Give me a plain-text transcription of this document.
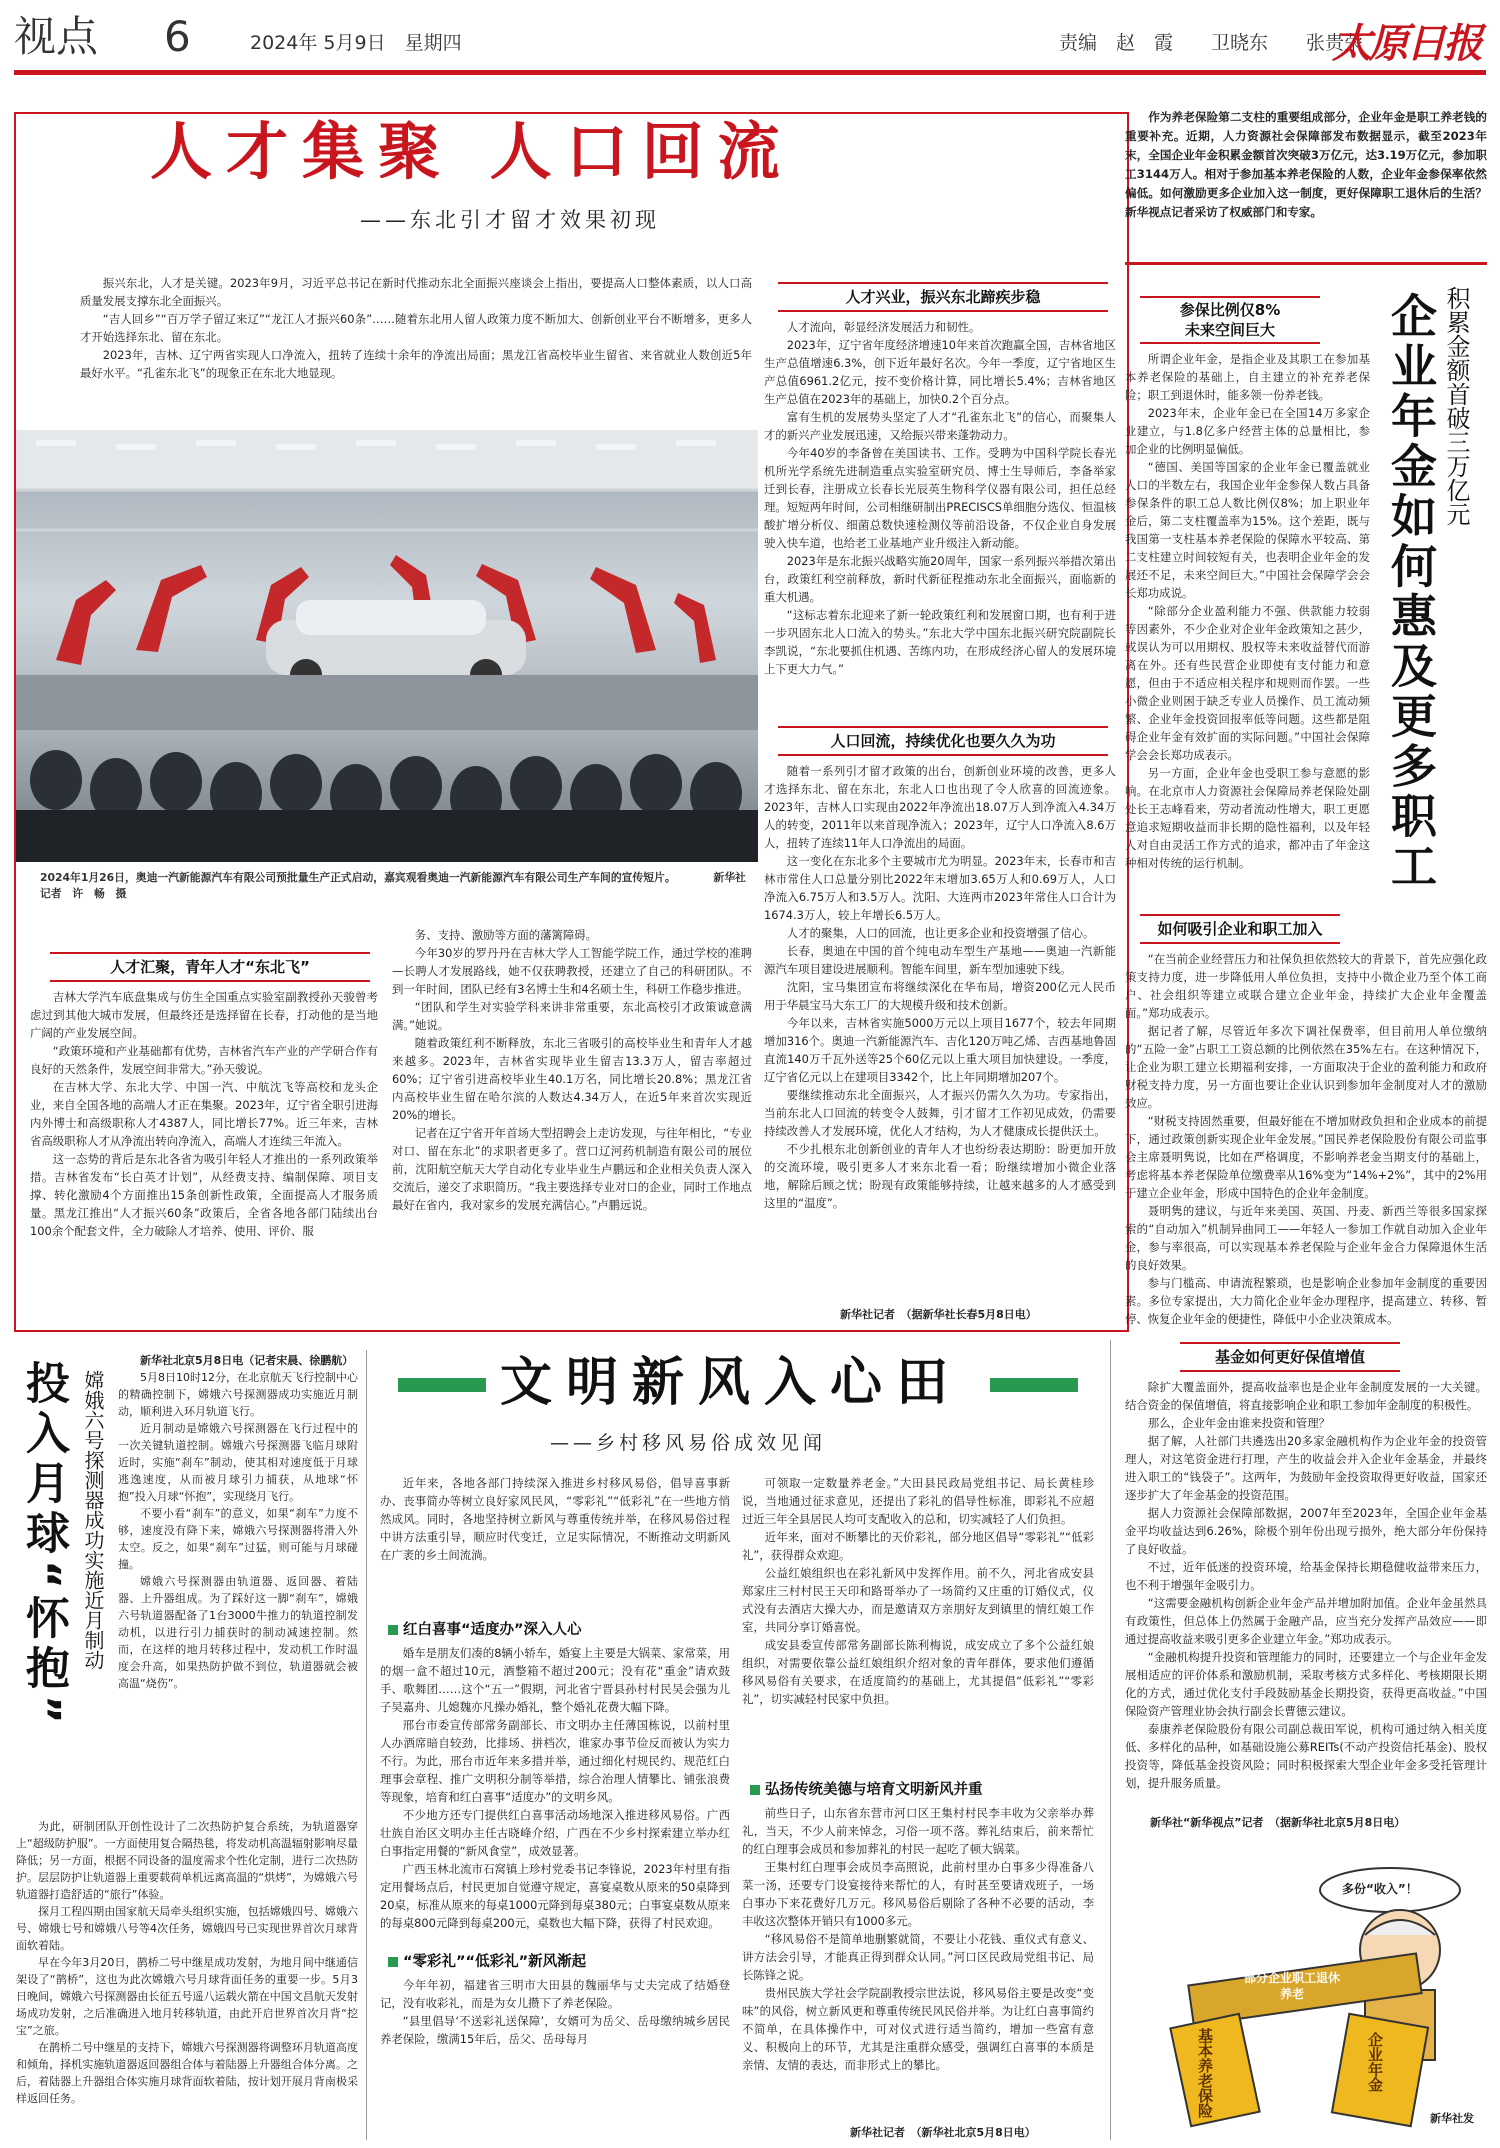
视点 6	2024年 5月9日　星期四	责编　赵　霞　　卫晓东　　张贵荣
太原日报
人才集聚 人口回流
——东北引才留才效果初现

振兴东北，人才是关键。2023年9月，习近平总书记在新时代推动东北全面振兴座谈会上指出，要提高人口整体素质，以人口高质量发展支撑东北全面振兴。

“吉人回乡”“百万学子留辽来辽”“龙江人才振兴60条”……随着东北用人留人政策力度不断加大、创新创业平台不断增多，更多人才开始选择东北、留在东北。

2023年，吉林、辽宁两省实现人口净流入，扭转了连续十余年的净流出局面；黑龙江省高校毕业生留省、来省就业人数创近5年最好水平。“孔雀东北飞”的现象正在东北大地显现。

2024年1月26日，奥迪一汽新能源汽车有限公司预批量生产正式启动，嘉宾观看奥迪一汽新能源汽车有限公司生产车间的宣传短片。　　　　新华社记者　许　畅　摄
人才兴业，振兴东北蹄疾步稳

人才流向，彰显经济发展活力和韧性。

2023年，辽宁省年度经济增速10年来首次跑赢全国，吉林省地区生产总值增速6.3%，创下近年最好名次。今年一季度，辽宁省地区生产总值6961.2亿元，按不变价格计算，同比增长5.4%；吉林省地区生产总值在2023年的基础上，加快0.2个百分点。

富有生机的发展势头坚定了人才“孔雀东北飞”的信心，而聚集人才的新兴产业发展迅速，又给振兴带来蓬勃动力。

今年40岁的李备曾在美国读书、工作。受聘为中国科学院长春光机所光学系统先进制造重点实验室研究员、博士生导师后，李备举家迁到长春，注册成立长春长光辰英生物科学仪器有限公司，担任总经理。短短两年时间，公司相继研制出PRECISCS单细胞分选仪、恒温核酸扩增分析仪、细菌总数快速检测仪等前沿设备，不仅企业自身发展驶入快车道，也给老工业基地产业升级注入新动能。

2023年是东北振兴战略实施20周年，国家一系列振兴举措次第出台，政策红利空前释放，新时代新征程推动东北全面振兴，面临新的重大机遇。

“这标志着东北迎来了新一轮政策红利和发展窗口期，也有利于进一步巩固东北人口流入的势头。”东北大学中国东北振兴研究院副院长李凯说，“东北要抓住机遇、苦练内功，在形成经济心留人的发展环境上下更大力气。”

人口回流，持续优化也要久久为功

随着一系列引才留才政策的出台，创新创业环境的改善，更多人才选择东北、留在东北，东北人口也出现了令人欣喜的回流迹象。2023年，吉林人口实现由2022年净流出18.07万人到净流入4.34万人的转变，2011年以来首现净流入；2023年，辽宁人口净流入8.6万人，扭转了连续11年人口净流出的局面。

这一变化在东北多个主要城市尤为明显。2023年末，长春市和吉林市常住人口总量分别比2022年末增加3.65万人和0.69万人，人口净流入6.75万人和3.5万人。沈阳、大连两市2023年常住人口合计为1674.3万人，较上年增长6.5万人。

人才的聚集，人口的回流，也让更多企业和投资增强了信心。

长春，奥迪在中国的首个纯电动车型生产基地——奥迪一汽新能源汽车项目建设进展顺利。智能车间里，新车型加速驶下线。

沈阳，宝马集团宣布将继续深化在华布局，增资200亿元人民币用于华晨宝马大东工厂的大规模升级和技术创新。

今年以来，吉林省实施5000万元以上项目1677个，较去年同期增加316个。奥迪一汽新能源汽车、吉化120万吨乙烯、吉西基地鲁固直流140万千瓦外送等25个60亿元以上重大项目加快建设。一季度，辽宁省亿元以上在建项目3342个，比上年同期增加207个。

要继续推动东北全面振兴，人才振兴仍需久久为功。专家指出，当前东北人口回流的转变令人鼓舞，引才留才工作初见成效，仍需要持续改善人才发展环境，优化人才结构，为人才健康成长提供沃土。

不少扎根东北创新创业的青年人才也纷纷表达期盼：盼更加开放的交流环境，吸引更多人才来东北看一看；盼继续增加小微企业落地，解除后顾之忧；盼现有政策能够持续，让越来越多的人才感受到这里的“温度”。

新华社记者　（据新华社长春5月8日电）
人才汇聚，青年人才“东北飞”

吉林大学汽车底盘集成与仿生全国重点实验室副教授孙天骏曾考虑过到其他大城市发展，但最终还是选择留在长春，打动他的是当地广阔的产业发展空间。

“政策环境和产业基础都有优势，吉林省汽车产业的产学研合作有良好的天然条件，发展空间非常大。”孙天骏说。

在吉林大学、东北大学、中国一汽、中航沈飞等高校和龙头企业，来自全国各地的高端人才正在集聚。2023年，辽宁省全职引进海内外博士和高级职称人才4387人，同比增长77%。近三年来，吉林省高级职称人才从净流出转向净流入，高端人才连续三年流入。

这一态势的背后是东北各省为吸引年轻人才推出的一系列政策举措。吉林省发布“长白英才计划”，从经费支持、编制保障、项目支撑、转化激励4个方面推出15条创新性政策，全面提高人才服务质量。黑龙江推出“人才振兴60条”政策后，全省各地各部门陆续出台100余个配套文件，全力破除人才培养、使用、评价、服

务、支持、激励等方面的藩篱障碍。

今年30岁的罗丹丹在吉林大学人工智能学院工作，通过学校的准聘—长聘人才发展路线，她不仅获聘教授，还建立了自己的科研团队。不到一年时间，团队已经有3名博士生和4名硕士生，科研工作稳步推进。

“团队和学生对实验学科来讲非常重要，东北高校引才政策诚意满满。”她说。

随着政策红利不断释放，东北三省吸引的高校毕业生和青年人才越来越多。2023年，吉林省实现毕业生留吉13.3万人，留吉率超过60%；辽宁省引进高校毕业生40.1万名，同比增长20.8%；黑龙江省内高校毕业生留在哈尔滨的人数达4.34万人，在近5年来首次实现近20%的增长。

记者在辽宁省开年首场大型招聘会上走访发现，与往年相比，“专业对口、留在东北”的求职者更多了。营口辽河药机制造有限公司的展位前，沈阳航空航天大学自动化专业毕业生卢鹏远和企业相关负责人深入交流后，递交了求职简历。“我主要选择专业对口的企业，同时工作地点最好在省内，我对家乡的发展充满信心。”卢鹏远说。

作为养老保险第二支柱的重要组成部分，企业年金是职工养老钱的重要补充。近期，人力资源社会保障部发布数据显示，截至2023年末，全国企业年金积累金额首次突破3万亿元，达3.19万亿元，参加职工3144万人。相对于参加基本养老保险的人数，企业年金参保率依然偏低。如何激励更多企业加入这一制度，更好保障职工退休后的生活？新华视点记者采访了权威部门和专家。
积累金额首破三万亿元
企业年金如何惠及更多职工
参保比例仅8%
未来空间巨大

所谓企业年金，是指企业及其职工在参加基本养老保险的基础上，自主建立的补充养老保险；职工到退休时，能多领一份养老钱。

2023年末，企业年金已在全国14万多家企业建立，与1.8亿多户经营主体的总量相比，参加企业的比例明显偏低。

“德国、美国等国家的企业年金已覆盖就业人口的半数左右，我国企业年金参保人数占具备参保条件的职工总人数比例仅8%；加上职业年金后，第二支柱覆盖率为15%。这个差距，既与我国第一支柱基本养老保险的保障水平较高、第二支柱建立时间较短有关，也表明企业年金的发展还不足，未来空间巨大。”中国社会保障学会会长郑功成说。

“除部分企业盈利能力不强、供款能力较弱等因素外，不少企业对企业年金政策知之甚少，或误认为可以用期权、股权等未来收益替代而游离在外。还有些民营企业即使有支付能力和意愿，但由于不适应相关程序和规则而作罢。一些小微企业则困于缺乏专业人员操作、员工流动频繁、企业年金投资回报率低等问题。这些都是阻碍企业年金有效扩面的实际问题。”中国社会保障学会会长郑功成表示。

另一方面，企业年金也受职工参与意愿的影响。在北京市人力资源社会保障局养老保险处副处长王志峰看来，劳动者流动性增大，职工更愿意追求短期收益而非长期的隐性福利，以及年轻人对自由灵活工作方式的追求，都冲击了年金这种相对传统的运行机制。

如何吸引企业和职工加入

“在当前企业经营压力和社保负担依然较大的背景下，首先应强化政策支持力度，进一步降低用人单位负担，支持中小微企业乃至个体工商户、社会组织等建立或联合建立企业年金，持续扩大企业年金覆盖面。”郑功成表示。

据记者了解，尽管近年多次下调社保费率，但目前用人单位缴纳的“五险一金”占职工工资总额的比例依然在35%左右。在这种情况下，让企业为职工建立长期福利安排，一方面取决于企业的盈利能力和政府财税支持力度，另一方面也要让企业认识到参加年金制度对人才的激励效应。

“财税支持固然重要，但最好能在不增加财政负担和企业成本的前提下，通过政策创新实现企业年金发展。”国民养老保险股份有限公司监事会主席聂明隽说，比如在严格调度，不影响养老金当期支付的基础上，考虑将基本养老保险单位缴费率从16%变为“14%+2%”，其中的2%用于建立企业年金，形成中国特色的企业年金制度。

聂明隽的建议，与近年来美国、英国、丹麦、新西兰等很多国家探索的“自动加入”机制异曲同工——年轻人一参加工作就自动加入企业年金，参与率很高，可以实现基本养老保险与企业年金合力保障退休生活的良好效果。

参与门槛高、申请流程繁琐，也是影响企业参加年金制度的重要因素。多位专家提出，大力简化企业年金办理程序，提高建立、转移、暂停、恢复企业年金的便捷性，降低中小企业决策成本。

基金如何更好保值增值

除扩大覆盖面外，提高收益率也是企业年金制度发展的一大关键。结合资金的保值增值，将直接影响企业和职工参加年金制度的积极性。

那么，企业年金由谁来投资和管理？

据了解，人社部门共遴选出20多家金融机构作为企业年金的投资管理人，对这笔资金进行打理，产生的收益会并入企业年金基金，并最终进入职工的“钱袋子”。这两年，为鼓励年金投资取得更好收益，国家还逐步扩大了年金基金的投资范围。

据人力资源社会保障部数据，2007年至2023年，全国企业年金基金平均收益达到6.26%，除极个别年份出现亏损外，绝大部分年份保持了良好收益。

不过，近年低迷的投资环境，给基金保持长期稳健收益带来压力，也不利于增强年金吸引力。

“这需要金融机构创新企业年金产品并增加附加值。企业年金虽然具有政策性，但总体上仍然属于金融产品，应当充分发挥产品效应——即通过提高收益来吸引更多企业建立年金。”郑功成表示。

“金融机构提升投资和管理能力的同时，还要建立一个与企业年金发展相适应的评价体系和激励机制，采取考核方式多样化、考核期限长期化的方式，通过优化支付手段鼓励基金长期投资，获得更高收益。”中国保险资产管理业协会执行副会长曹德云建议。

泰康养老保险股份有限公司副总裁田军说，机构可通过纳入相关度低、多样化的品种，如基础设施公募REITs(不动产投资信托基金)、股权投资等，降低基金投资风险；同时积极探索大型企业年金多受托管理计划，提升服务质量。

新华社“新华视点”记者　（据新华社北京5月8日电）
多份“收入”！
部分企业职工退休养老
基本养老保险	企业年金
新华社发
投入月球“怀抱” 嫦娥六号探测器成功实施近月制动

新华社北京5月8日电（记者宋晨、徐鹏航）

5月8日10时12分，在北京航天飞行控制中心的精确控制下，嫦娥六号探测器成功实施近月制动，顺利进入环月轨道飞行。

近月制动是嫦娥六号探测器在飞行过程中的一次关键轨道控制。嫦娥六号探测器飞临月球附近时，实施“刹车”制动，使其相对速度低于月球逃逸速度，从而被月球引力捕获，从地球“怀抱”投入月球“怀抱”，实现绕月飞行。

不要小看“刹车”的意义，如果“刹车”力度不够，速度没有降下来，嫦娥六号探测器将滑入外太空。反之，如果“刹车”过猛，则可能与月球碰撞。

嫦娥六号探测器由轨道器、返回器、着陆器、上升器组成。为了踩好这一脚“刹车”，嫦娥六号轨道器配备了1台3000牛推力的轨道控制发动机，以进行引力捕获时的制动减速控制。然而，在这样的地月转移过程中，发动机工作时温度会升高，如果热防护做不到位，轨道器就会被高温“烧伤”。

为此，研制团队开创性设计了二次热防护复合系统，为轨道器穿上“超级防护服”。一方面使用复合隔热毯，将发动机高温辐射影响尽量降低；另一方面，根据不同设备的温度需求个性化定制，进行二次热防护。层层防护让轨道器上重要载荷单机远离高温的“烘烤”，为嫦娥六号轨道器打造舒适的“旅行”体验。

探月工程四期由国家航天局牵头组织实施，包括嫦娥四号、嫦娥六号、嫦娥七号和嫦娥八号等4次任务，嫦娥四号已实现世界首次月球背面软着陆。

早在今年3月20日，鹊桥二号中继星成功发射，为地月间中继通信架设了“鹊桥”，这也为此次嫦娥六号月球背面任务的重要一步。5月3日晚间，嫦娥六号探测器由长征五号遥八运载火箭在中国文昌航天发射场成功发射，之后准确进入地月转移轨道，由此开启世界首次月背“挖宝”之旅。

在鹊桥二号中继星的支持下，嫦娥六号探测器将调整环月轨道高度和倾角，择机实施轨道器返回器组合体与着陆器上升器组合体分离。之后，着陆器上升器组合体实施月球背面软着陆，按计划开展月背南极采样返回任务。

文明新风入心田
——乡村移风易俗成效见闻

近年来，各地各部门持续深入推进乡村移风易俗，倡导喜事新办、丧事简办等树立良好家风民风，“零彩礼”“低彩礼”在一些地方悄然成风。同时，各地坚持树立新风与尊重传统并举，在移风易俗过程中讲方法重引导，顺应时代变迁，立足实际情况，不断推动文明新风在广袤的乡土间流淌。

红白喜事“适度办”深入人心

婚车是朋友们凑的8辆小轿车，婚宴上主要是大锅菜、家常菜，用的烟一盒不超过10元，酒整箱不超过200元；没有花“重金”请欢鼓手、歌舞团……这个“五一”假期，河北省宁晋县孙村村民吴会强为儿子吴嘉舟、儿媳魏亦凡操办婚礼，整个婚礼花费大幅下降。

邢台市委宣传部常务副部长、市文明办主任薄国栋说，以前村里人办酒席暗自较劲，比排场、拼档次，谁家办事节俭反而被认为实力不行。为此，邢台市近年来多措并举，通过细化村规民约、规范红白理事会章程、推广文明积分制等举措，综合治理人情攀比、铺张浪费等现象，培育和红白喜事“适度办”的文明乡风。

不少地方还专门提供红白喜事活动场地深入推进移风易俗。广西壮族自治区文明办主任古晓峰介绍，广西在不少乡村探索建立举办红白事指定用餐的“新风食堂”，成效显著。

广西玉林北流市石窝镇上珍村党委书记李锋说，2023年村里有指定用餐场点后，村民更加自觉遵守规定，喜宴桌数从原来的50桌降到20桌，标准从原来的每桌1000元降到每桌380元；白事宴桌数从原来的每桌800元降到每桌200元，桌数也大幅下降，获得了村民欢迎。

“零彩礼”“低彩礼”新风渐起

今年年初，福建省三明市大田县的魏丽华与丈夫完成了结婚登记，没有收彩礼，而是为女儿攒下了养老保险。

“县里倡导‘不送彩礼送保障’，女婿可为岳父、岳母缴纳城乡居民养老保险，缴满15年后，岳父、岳母每月

可领取一定数量养老金。”大田县民政局党组书记、局长黄桂珍说，当地通过征求意见，还提出了彩礼的倡导性标准，即彩礼不应超过近三年全县居民人均可支配收入的总和，切实减轻了人们负担。

近年来，面对不断攀比的天价彩礼，部分地区倡导“零彩礼”“低彩礼”，获得群众欢迎。

公益红娘组织也在彩礼新风中发挥作用。前不久，河北省成安县郑家庄三村村民王天印和路哥举办了一场简约又庄重的订婚仪式，仪式没有去酒店大操大办，而是邀请双方亲朋好友到镇里的情红娘工作室，共同分享订婚喜悦。

成安县委宣传部常务副部长陈利梅说，成安成立了多个公益红娘组织，对需要依靠公益红娘组织介绍对象的青年群体，要求他们遵循移风易俗有关要求，在适度简约的基础上，尤其提倡“低彩礼”“零彩礼”，切实减轻村民家中负担。

弘扬传统美德与培育文明新风并重

前些日子，山东省东营市河口区王集村村民李丰收为父亲举办葬礼，当天，不少人前来悼念，习俗一项不落。葬礼结束后，前来帮忙的红白理事会成员和参加葬礼的村民一起吃了顿大锅菜。

王集村红白理事会成员李高照说，此前村里办白事多少得准备八菜一汤，还要专门设宴接待来帮忙的人，有时甚至要请戏班子，一场白事办下来花费好几万元。移风易俗后剔除了各种不必要的活动，李丰收这次整体开销只有1000多元。

“移风易俗不是简单地删繁就简，不要让小花钱、重仪式有意义、讲方法会引导，才能真正得到群众认同。”河口区民政局党组书记、局长陈锋之说。

贵州民族大学社会学院副教授宗世法说，移风易俗主要是改变“变味”的风俗，树立新风更和尊重传统民风民俗并举。为让红白喜事简约不简单，在具体操作中，可对仪式进行适当简约，增加一些富有意义、积极向上的环节，尤其是注重群众感受，强调红白喜事的本质是亲情、友情的表达，而非形式上的攀比。

新华社记者　（新华社北京5月8日电）
